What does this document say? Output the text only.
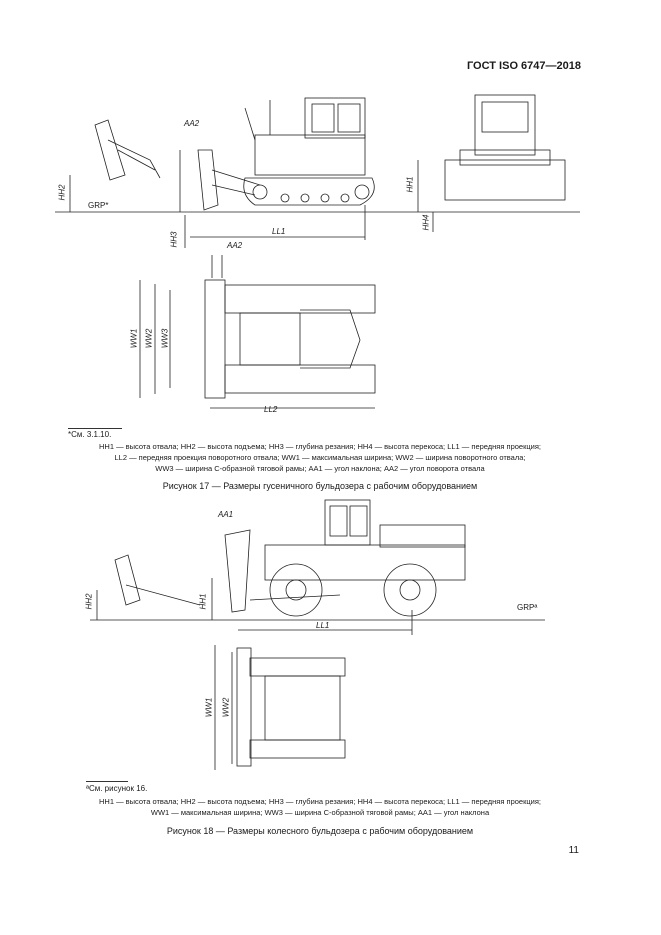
ГОСТ ISO 6747—2018
AA2
HH2
GRP*
HH3	LL1
HH1
HH4
AA2
WW1 WW2 WW3
LL2
*См. 3.1.10.
HH1 — высота отвала; HH2 — высота подъема; HH3 — глубина резания; HH4 — высота перекоса; LL1 — передняя проекция;
LL2 — передняя проекция поворотного отвала; WW1 — максимальная ширина; WW2 — ширина поворотного отвала;
WW3 — ширина С-образной тяговой рамы; AA1 — угол наклона; AA2 — угол поворота отвала
Рисунок 17 — Размеры гусеничного бульдозера с рабочим оборудованием
AA1
HH2	HH1	GRPª
LL1
WW1 WW2
ªСм. рисунок 16.
HH1 — высота отвала; HH2 — высота подъема; HH3 — глубина резания; HH4 — высота перекоса; LL1 — передняя проекция;
WW1 — максимальная ширина; WW3 — ширина С-образной тяговой рамы; AA1 — угол наклона
Рисунок 18 — Размеры колесного бульдозера с рабочим оборудованием
11
